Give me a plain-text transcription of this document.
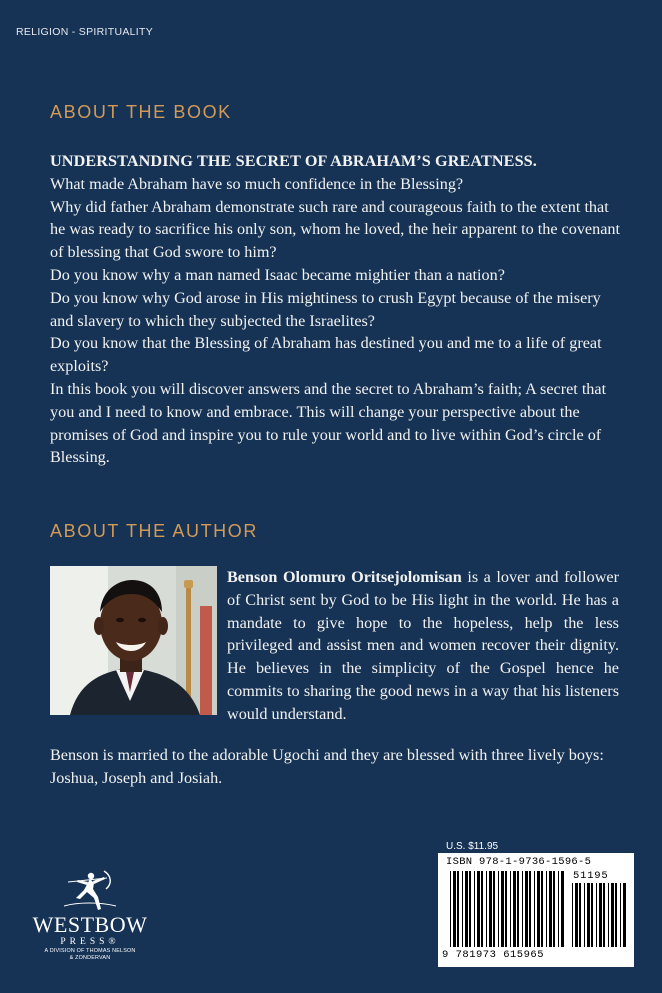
RELIGION - SPIRITUALITY
ABOUT THE BOOK

UNDERSTANDING THE SECRET OF ABRAHAM’S GREATNESS.

What made Abraham have so much confidence in the Blessing?

Why did father Abraham demonstrate such rare and courageous faith to the extent that he was ready to sacrifice his only son, whom he loved, the heir apparent to the covenant of blessing that God swore to him?

Do you know why a man named Isaac became mightier than a nation?

Do you know why God arose in His mightiness to crush Egypt because of the misery and slavery to which they subjected the Israelites?

Do you know that the Blessing of Abraham has destined you and me to a life of great exploits?

In this book you will discover answers and the secret to Abraham’s faith; A secret that you and I need to know and embrace. This will change your perspective about the promises of God and inspire you to rule your world and to live within God’s circle of Blessing.

ABOUT THE AUTHOR
Benson Olomuro Oritsejolomisan is a lover and follower of Christ sent by God to be His light in the world. He has a mandate to give hope to the hopeless, help the less privileged and assist men and women recover their dignity. He believes in the simplicity of the Gospel hence he commits to sharing the good news in a way that his listeners would understand.
Benson is married to the adorable Ugochi and they are blessed with three lively boys: Joshua, Joseph and Josiah.
WESTBOW
PRESS®
A DIVISION OF THOMAS NELSON
& ZONDERVAN
U.S. $11.95
ISBN 978-1-9736-1596-5
51195
9 781973 615965
